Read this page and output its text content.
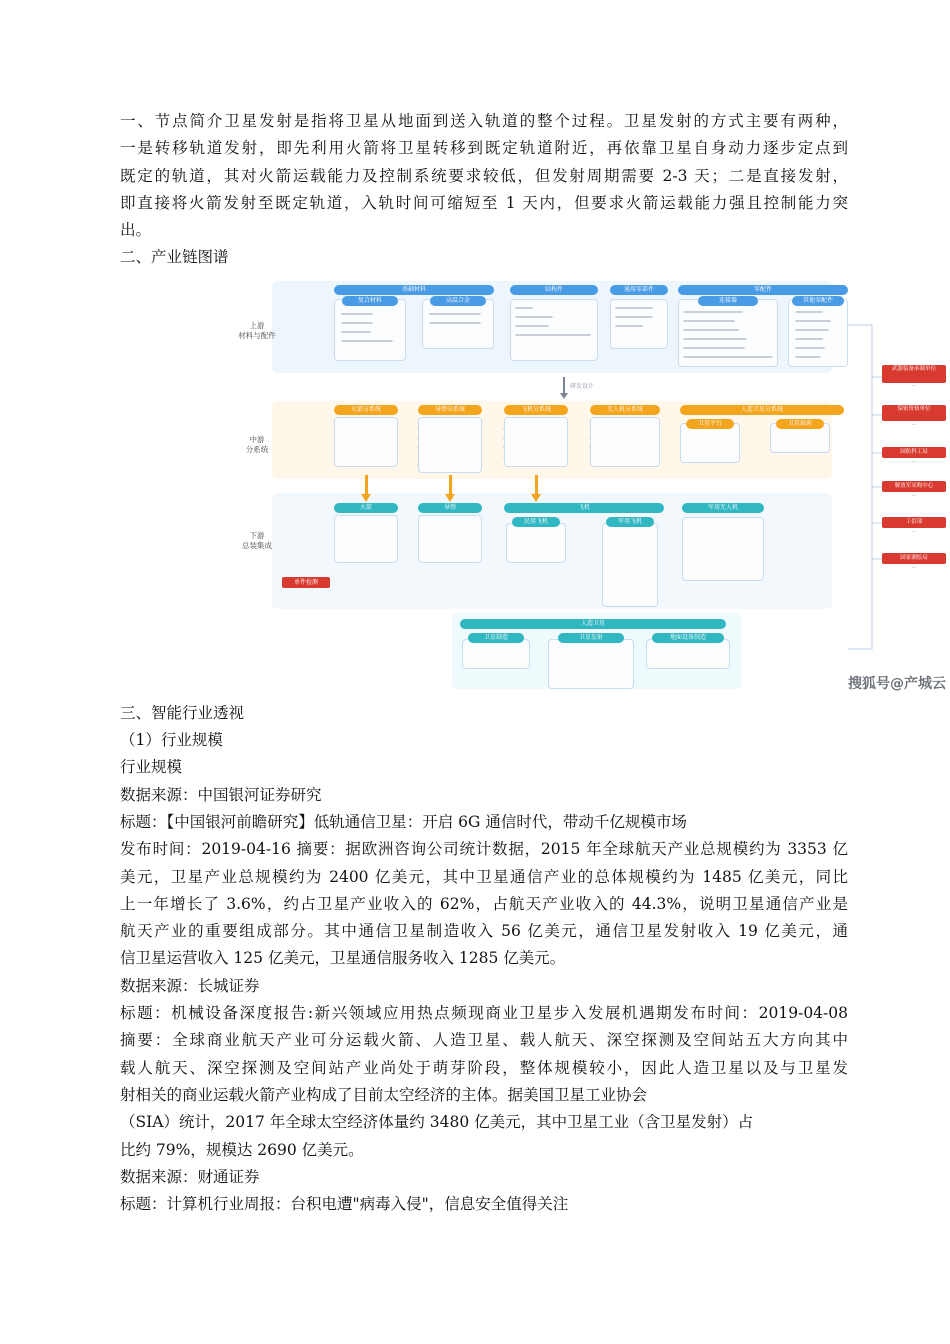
一、节点简介卫星发射是指将卫星从地面到送入轨道的整个过程。卫星发射的方式主要有两种，

一是转移轨道发射，即先利用火箭将卫星转移到既定轨道附近，再依靠卫星自身动力逐步定点到

既定的轨道，其对火箭运载能力及控制系统要求较低，但发射周期需要 2-3 天；二是直接发射，

即直接将火箭发射至既定轨道，入轨时间可缩短至 1 天内，但要求火箭运载能力强且控制能力突

出。

二、产业链图谱

上游
材料与配件
中游
分系统
下游
总装集成
基础材料	结构件	通用零部件	零配件
复合材料	高温合金	连接器	其他零配件
研发设计
火箭分系统	导弹分系统	飞机分系统	无人机分系统	人造卫星分系统
卫星平台	卫星载荷
火箭	导弹	飞机	军用无人机
民用飞机	军用飞机
单件检测
人造卫星
卫星制造	卫星发射	地面设备制造
武器装备承制单位
···
保密资格单位
···
国防科工局
···
解放军采购中心
···
工信部
···
国家测绘局
···
搜狐号@产城云

三、智能行业透视

（1）行业规模

行业规模

数据来源：中国银河证券研究

标题：【中国银河前瞻研究】低轨通信卫星：开启 6G 通信时代，带动千亿规模市场

发布时间：2019-04-16 摘要：据欧洲咨询公司统计数据，2015 年全球航天产业总规模约为 3353 亿

美元，卫星产业总规模约为 2400 亿美元，其中卫星通信产业的总体规模约为 1485 亿美元，同比

上一年增长了 3.6%，约占卫星产业收入的 62%，占航天产业收入的 44.3%，说明卫星通信产业是

航天产业的重要组成部分。其中通信卫星制造收入 56 亿美元，通信卫星发射收入 19 亿美元，通

信卫星运营收入 125 亿美元，卫星通信服务收入 1285 亿美元。

数据来源：长城证券

标题：机械设备深度报告:新兴领域应用热点频现商业卫星步入发展机遇期发布时间：2019-04-08

摘要：全球商业航天产业可分运载火箭、人造卫星、载人航天、深空探测及空间站五大方向其中

载人航天、深空探测及空间站产业尚处于萌芽阶段，整体规模较小，因此人造卫星以及与卫星发

射相关的商业运载火箭产业构成了目前太空经济的主体。据美国卫星工业协会

（SIA）统计，2017 年全球太空经济体量约 3480 亿美元，其中卫星工业（含卫星发射）占

比约 79%，规模达 2690 亿美元。

数据来源：财通证券

标题：计算机行业周报：台积电遭"病毒入侵"，信息安全值得关注
